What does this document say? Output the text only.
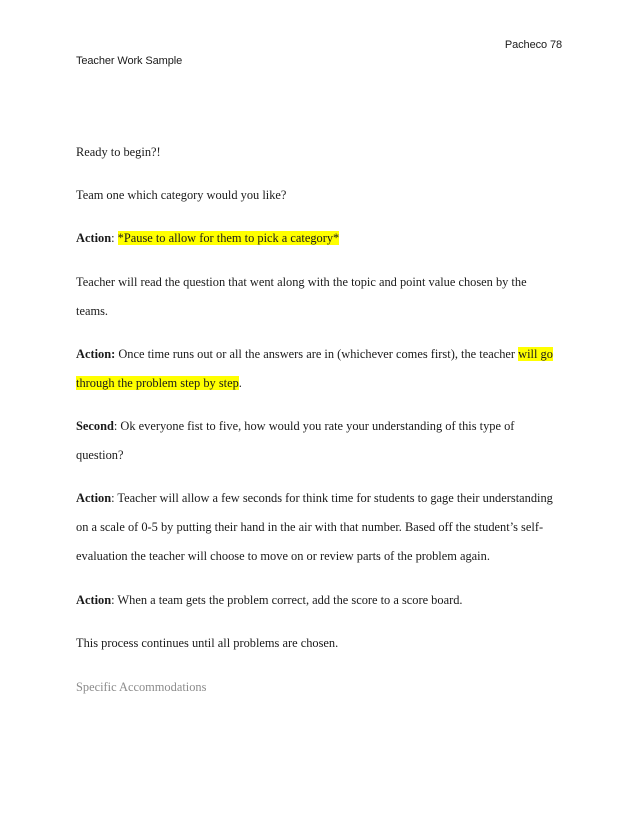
Pacheco 78
Teacher Work Sample
Ready to begin?!
Team one which category would you like?
Action: *Pause to allow for them to pick a category*
Teacher will read the question that went along with the topic and point value chosen by the
teams.
Action: Once time runs out or all the answers are in (whichever comes first), the teacher will go
through the problem step by step.
Second: Ok everyone fist to five, how would you rate your understanding of this type of
question?
Action: Teacher will allow a few seconds for think time for students to gage their understanding
on a scale of 0-5 by putting their hand in the air with that number. Based off the student’s self-
evaluation the teacher will choose to move on or review parts of the problem again.
Action: When a team gets the problem correct, add the score to a score board.
This process continues until all problems are chosen.
Specific Accommodations
